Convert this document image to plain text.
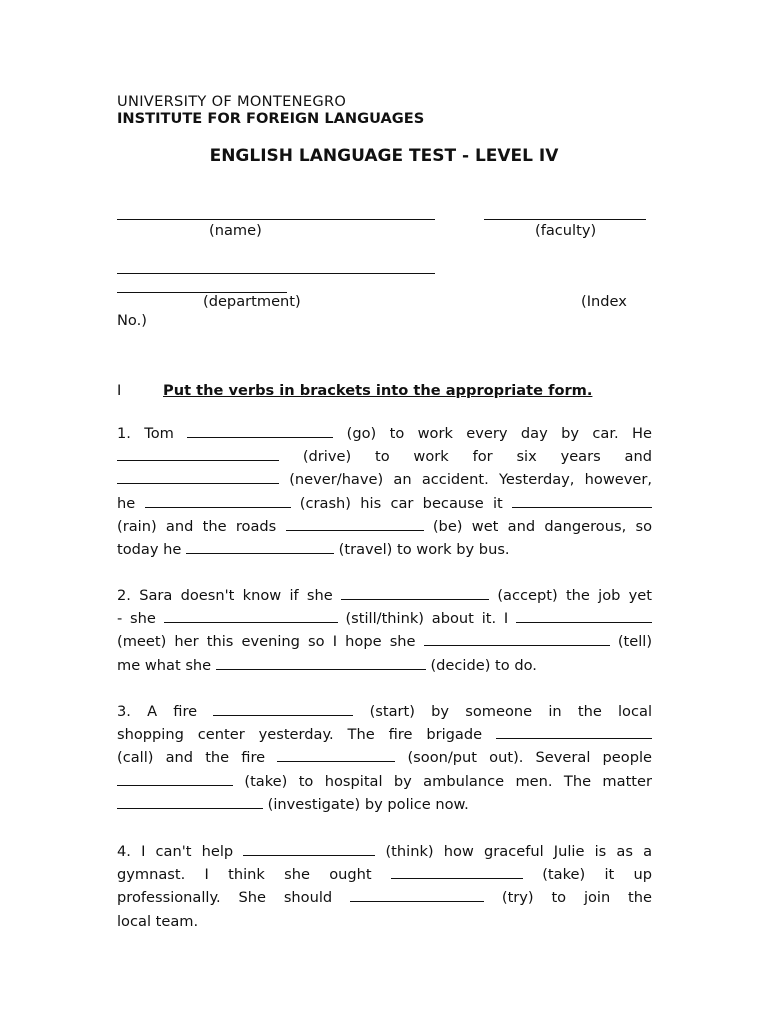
UNIVERSITY OF MONTENEGRO
INSTITUTE FOR FOREIGN LANGUAGES
ENGLISH LANGUAGE TEST - LEVEL IV
(name)	(faculty)
(department)	(Index
No.)
I	Put the verbs in brackets into the appropriate form.
1. Tom	(go) to work every day by car. He
(drive) to work for six years and
(never/have) an accident. Yesterday, however,
he	(crash) his car because it
(rain) and the roads	(be) wet and dangerous, so
today he	(travel) to work by bus.
2. Sara doesn't know if she	(accept) the job yet
- she	(still/think) about it. I
(meet) her this evening so I hope she	(tell)
me what she	(decide) to do.
3. A fire	(start) by someone in the local
shopping center yesterday. The fire brigade
(call) and the fire	(soon/put out). Several people
(take) to hospital by ambulance men. The matter
(investigate) by police now.
4. I can't help	(think) how graceful Julie is as a
gymnast. I think she ought	(take) it up
professionally. She should	(try) to join the
local team.
